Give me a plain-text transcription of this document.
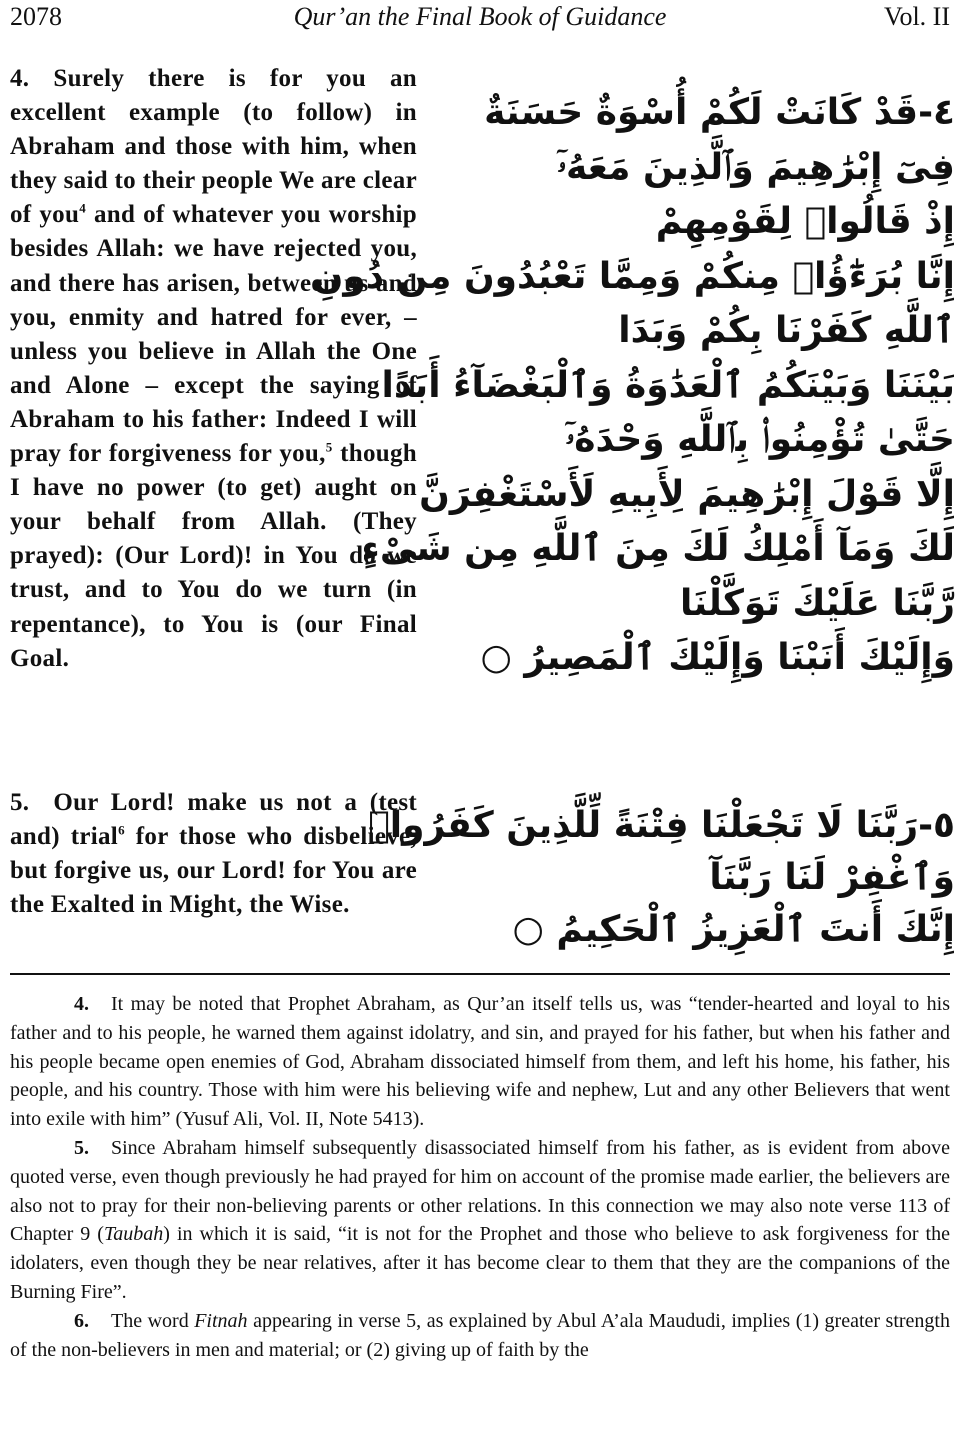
2078	Qur’an the Final Book of Guidance	Vol. II
4. Surely there is for you an excellent example (to follow) in Abraham and those with him, when they said to their people We are clear of you$^4$ and of whatever you worship besides Allah: we have rejected you, and there has arisen, between us and you, enmity and hatred for ever, – unless you believe in Allah the One and Alone – except the saying of Abraham to his father: Indeed I will pray for forgiveness for you,$^5$ though I have no power (to get) aught on your behalf from Allah. (They prayed): (Our Lord)! in You do we trust, and to You do we turn (in repentance), to You is (our Final Goal.
٤-قَدْ كَانَتْ لَكُمْ أُسْوَةٌ حَسَنَةٌ
فِىٓ إِبْرَٰهِيمَ وَٱلَّذِينَ مَعَهُۥٓ
إِذْ قَالُوا۟ لِقَوْمِهِمْ
إِنَّا بُرَءَٰٓؤُا۟ مِنكُمْ وَمِمَّا تَعْبُدُونَ مِن دُونِ
ٱللَّهِ كَفَرْنَا بِكُمْ وَبَدَا
بَيْنَنَا وَبَيْنَكُمُ ٱلْعَدَٰوَةُ وَٱلْبَغْضَآءُ أَبَدًا
حَتَّىٰ تُؤْمِنُوا۟ بِٱللَّهِ وَحْدَهُۥٓ
إِلَّا قَوْلَ إِبْرَٰهِيمَ لِأَبِيهِ لَأَسْتَغْفِرَنَّ
لَكَ وَمَآ أَمْلِكُ لَكَ مِنَ ٱللَّهِ مِن شَىْءٍ
رَّبَّنَا عَلَيْكَ تَوَكَّلْنَا
وَإِلَيْكَ أَنَبْنَا وَإِلَيْكَ ٱلْمَصِيرُ ○
5. Our Lord! make us not a (test and) trial$^6$ for those who disbelieve, but forgive us, our Lord! for You are the Exalted in Might, the Wise.
٥-رَبَّنَا لَا تَجْعَلْنَا فِتْنَةً لِّلَّذِينَ كَفَرُوا۟
وَٱغْفِرْ لَنَا رَبَّنَآ
إِنَّكَ أَنتَ ٱلْعَزِيزُ ٱلْحَكِيمُ ○

4. It may be noted that Prophet Abraham, as Qur’an itself tells us, was “tender-hearted and loyal to his father and to his people, he warned them against idolatry, and sin, and prayed for his father, but when his father and his people became open enemies of God, Abraham dissociated himself from them, and left his home, his father, his people, and his country. Those with him were his believing wife and nephew, Lut and any other Believers that went into exile with him” (Yusuf Ali, Vol. II, Note 5413).

5. Since Abraham himself subsequently disassociated himself from his father, as is evident from above quoted verse, even though previously he had prayed for him on account of the promise made earlier, the believers are also not to pray for their non-believing parents or other relations. In this connection we may also note verse 113 of Chapter 9 (Taubah) in which it is said, “it is not for the Prophet and those who believe to ask forgiveness for the idolaters, even though they be near relatives, after it has become clear to them that they are the companions of the Burning Fire”.

6. The word Fitnah appearing in verse 5, as explained by Abul A’ala Maududi, implies (1) greater strength of the non-believers in men and material; or (2) giving up of faith by the
